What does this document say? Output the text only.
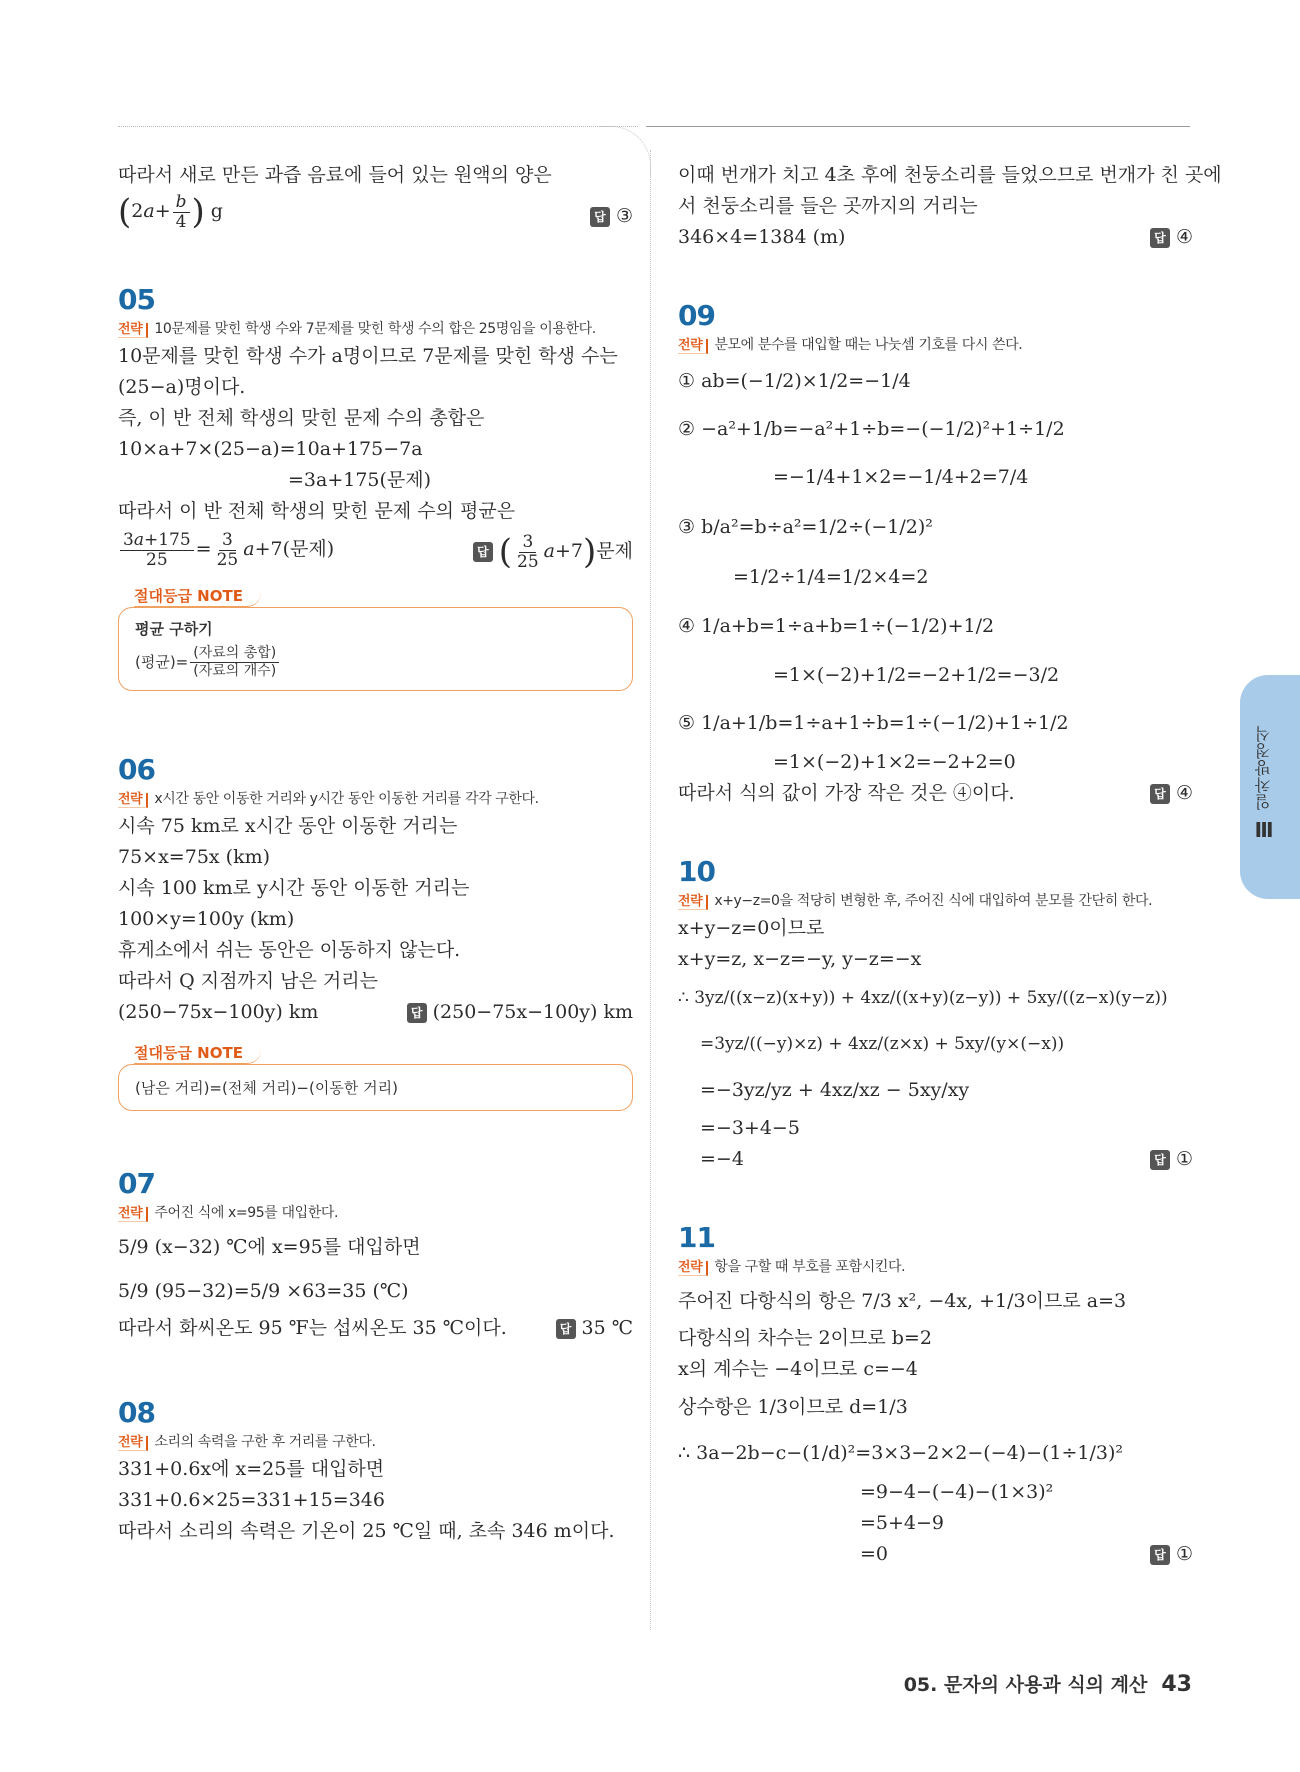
따라서 새로 만든 과즙 음료에 들어 있는 원액의 양은
($2a+ \frac{b}{4}$ ) g	답 ③
05
전략 10문제를 맞힌 학생 수와 7문제를 맞힌 학생 수의 합은 25명임을 이용한다.
10문제를 맞힌 학생 수가 a명이므로 7문제를 맞힌 학생 수는
(25−a)명이다.
즉, 이 반 전체 학생의 맞힌 문제 수의 총합은
10×a+7×(25−a)=10a+175−7a
=3a+175(문제)
따라서 이 반 전체 학생의 맞힌 문제 수의 평균은
$\frac{3a+175}{25} = \frac{3}{25} a+7$(문제)	답 ( $\frac{3}{25} a+7$)문제
절대등급 NOTE
평균 구하기
(평균)= $\frac{\text{(자료의 총합)}}{\text{(자료의 개수)}}$
06
전략 x시간 동안 이동한 거리와 y시간 동안 이동한 거리를 각각 구한다.
시속 75 km로 x시간 동안 이동한 거리는
75×x=75x (km)
시속 100 km로 y시간 동안 이동한 거리는
100×y=100y (km)
휴게소에서 쉬는 동안은 이동하지 않는다.
따라서 Q 지점까지 남은 거리는
(250−75x−100y) km	답 (250−75x−100y) km
절대등급 NOTE
(남은 거리)=(전체 거리)−(이동한 거리)
07
전략 주어진 식에 x=95를 대입한다.
5/9 (x−32) ℃에 x=95를 대입하면
5/9 (95−32)=5/9 ×63=35 (℃)
따라서 화씨온도 95 ℉는 섭씨온도 35 ℃이다.	답 35 ℃
08
전략 소리의 속력을 구한 후 거리를 구한다.
331+0.6x에 x=25를 대입하면
331+0.6×25=331+15=346
따라서 소리의 속력은 기온이 25 ℃일 때, 초속 346 m이다.
이때 번개가 치고 4초 후에 천둥소리를 들었으므로 번개가 친 곳에
서 천둥소리를 들은 곳까지의 거리는
346×4=1384 (m)	답 ④
09
전략 분모에 분수를 대입할 때는 나눗셈 기호를 다시 쓴다.
① ab=(−1/2)×1/2=−1/4
② −a²+1/b=−a²+1÷b=−(−1/2)²+1÷1/2
=−1/4+1×2=−1/4+2=7/4
③ b/a²=b÷a²=1/2÷(−1/2)²
=1/2÷1/4=1/2×4=2
④ 1/a+b=1÷a+b=1÷(−1/2)+1/2
=1×(−2)+1/2=−2+1/2=−3/2
⑤ 1/a+1/b=1÷a+1÷b=1÷(−1/2)+1÷1/2
=1×(−2)+1×2=−2+2=0
따라서 식의 값이 가장 작은 것은 ④이다.	답 ④
10
전략 x+y−z=0을 적당히 변형한 후, 주어진 식에 대입하여 분모를 간단히 한다.
x+y−z=0이므로
x+y=z, x−z=−y, y−z=−x
∴ 3yz/((x−z)(x+y)) + 4xz/((x+y)(z−y)) + 5xy/((z−x)(y−z))
=3yz/((−y)×z) + 4xz/(z×x) + 5xy/(y×(−x))
=−3yz/yz + 4xz/xz − 5xy/xy
=−3+4−5
=−4	답 ①
11
전략 항을 구할 때 부호를 포함시킨다.
주어진 다항식의 항은 7/3 x², −4x, +1/3이므로 a=3
다항식의 차수는 2이므로 b=2
x의 계수는 −4이므로 c=−4
상수항은 1/3이므로 d=1/3
∴ 3a−2b−c−(1/d)²=3×3−2×2−(−4)−(1÷1/3)²
=9−4−(−4)−(1×3)²
=5+4−9
=0	답 ①
Ⅲ 일차방정식
05. 문자의 사용과 식의 계산 43
